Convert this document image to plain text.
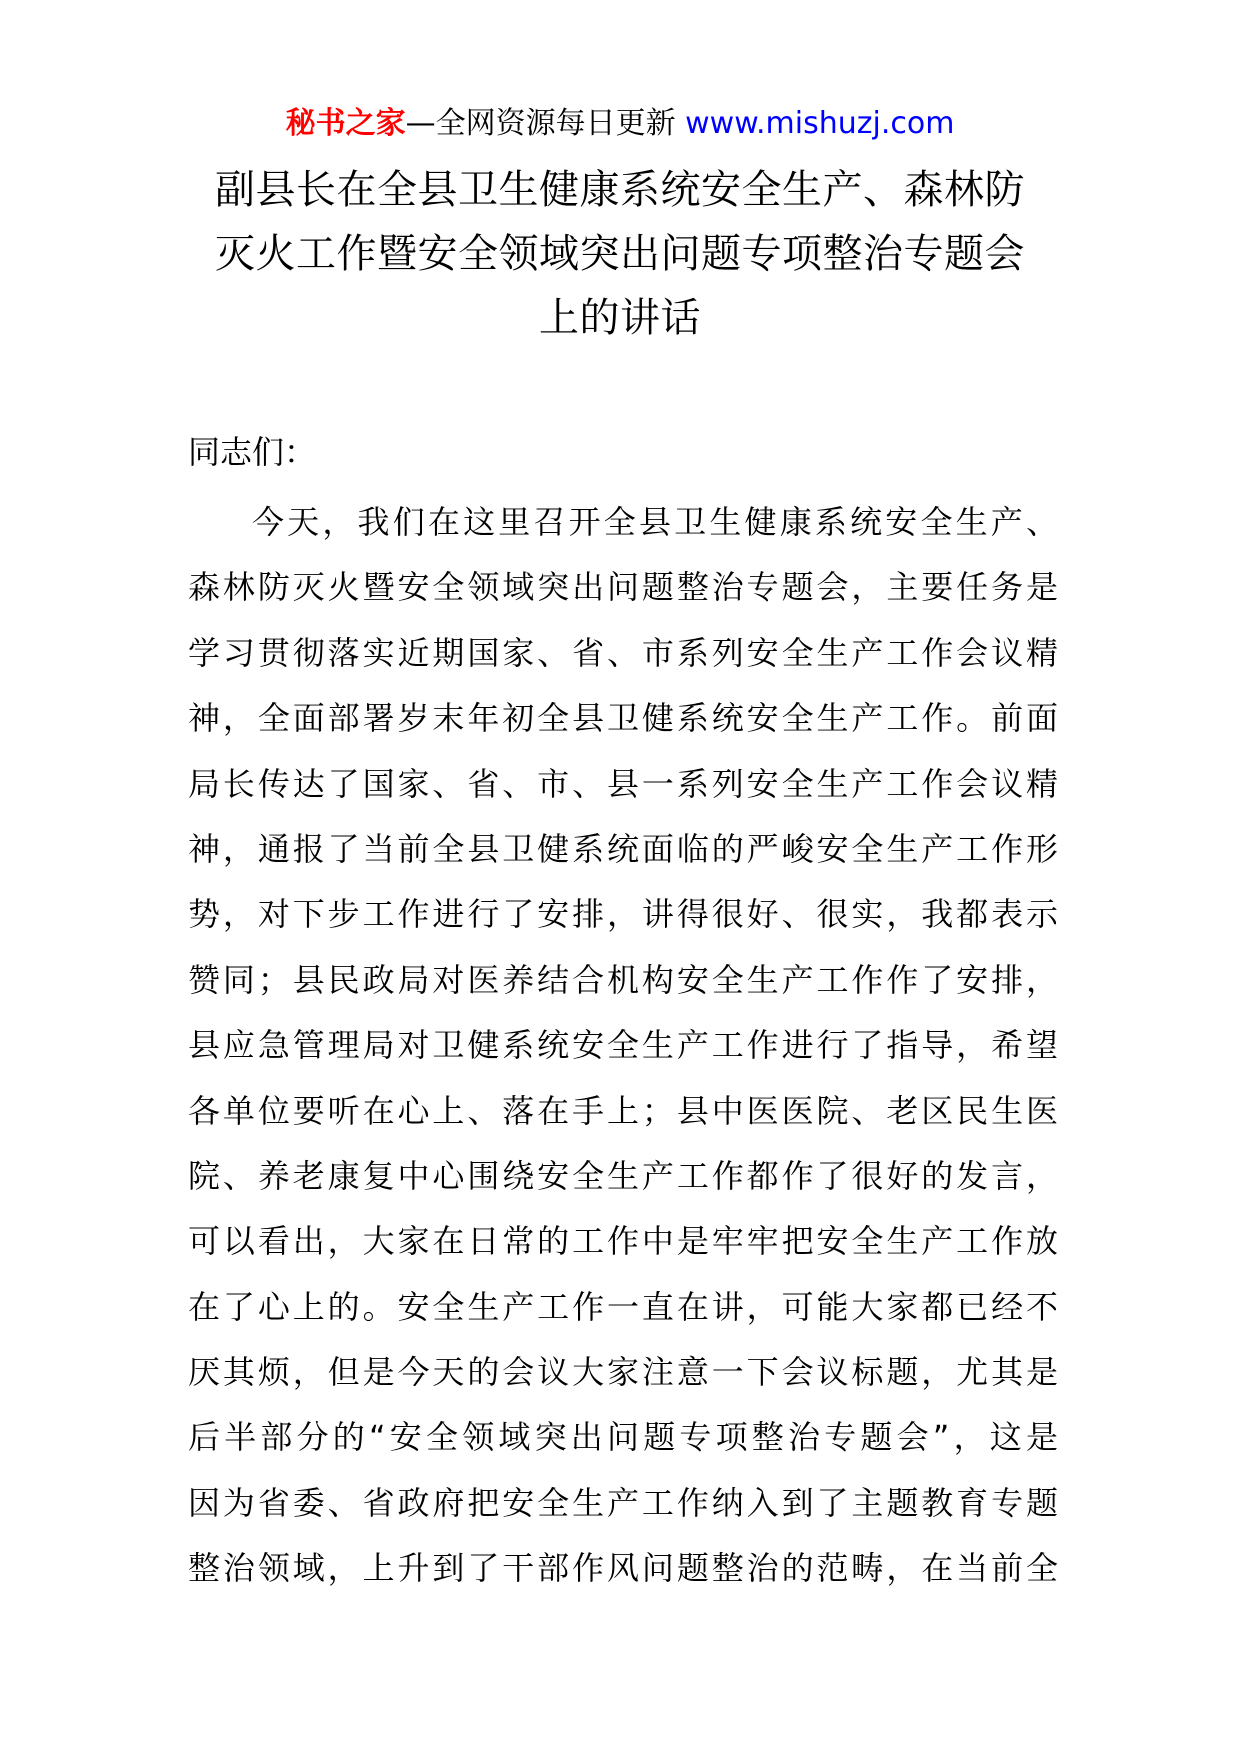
秘书之家—全网资源每日更新 www.mishuzj.com
副县长在全县卫生健康系统安全生产、森林防
灭火工作暨安全领域突出问题专项整治专题会
上的讲话
同志们：
今天，我们在这里召开全县卫生健康系统安全生产、
森林防灭火暨安全领域突出问题整治专题会，主要任务是
学习贯彻落实近期国家、省、市系列安全生产工作会议精
神，全面部署岁末年初全县卫健系统安全生产工作。前面
局长传达了国家、省、市、县一系列安全生产工作会议精
神，通报了当前全县卫健系统面临的严峻安全生产工作形
势，对下步工作进行了安排，讲得很好、很实，我都表示
赞同；县民政局对医养结合机构安全生产工作作了安排，
县应急管理局对卫健系统安全生产工作进行了指导，希望
各单位要听在心上、落在手上；县中医医院、老区民生医
院、养老康复中心围绕安全生产工作都作了很好的发言，
可以看出，大家在日常的工作中是牢牢把安全生产工作放
在了心上的。安全生产工作一直在讲，可能大家都已经不
厌其烦，但是今天的会议大家注意一下会议标题，尤其是
后半部分的“安全领域突出问题专项整治专题会”，这是
因为省委、省政府把安全生产工作纳入到了主题教育专题
整治领域，上升到了干部作风问题整治的范畴，在当前全
